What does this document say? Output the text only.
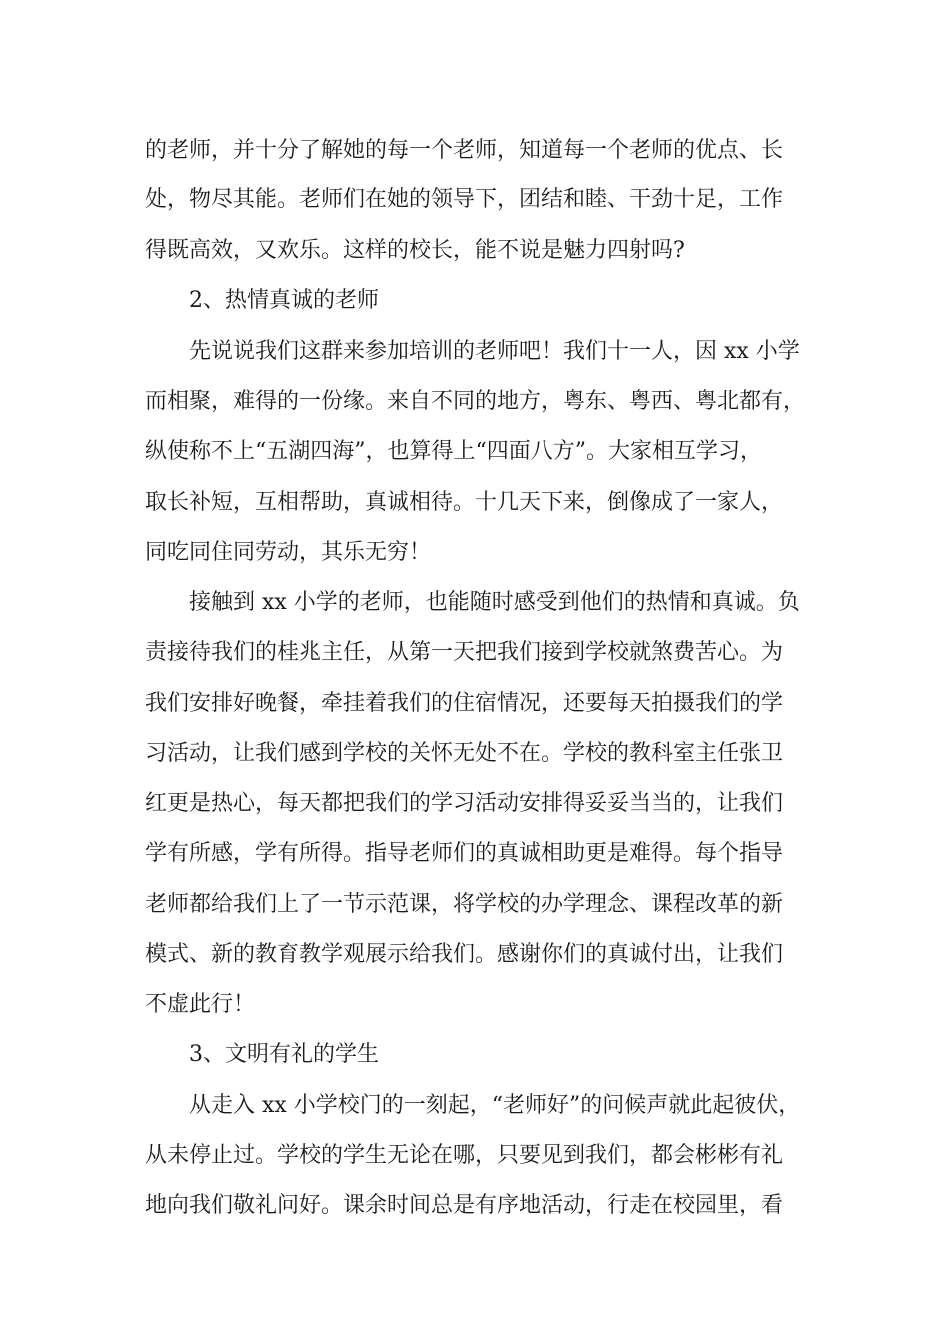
的老师，并十分了解她的每一个老师，知道每一个老师的优点、长

处，物尽其能。老师们在她的领导下，团结和睦、干劲十足，工作

得既高效，又欢乐。这样的校长，能不说是魅力四射吗?

2、热情真诚的老师

先说说我们这群来参加培训的老师吧！我们十一人，因 xx 小学

而相聚，难得的一份缘。来自不同的地方，粤东、粤西、粤北都有，

纵使称不上“五湖四海”，也算得上“四面八方”。大家相互学习，

取长补短，互相帮助，真诚相待。十几天下来，倒像成了一家人，

同吃同住同劳动，其乐无穷！

接触到 xx 小学的老师，也能随时感受到他们的热情和真诚。负

责接待我们的桂兆主任，从第一天把我们接到学校就煞费苦心。为

我们安排好晚餐，牵挂着我们的住宿情况，还要每天拍摄我们的学

习活动，让我们感到学校的关怀无处不在。学校的教科室主任张卫

红更是热心，每天都把我们的学习活动安排得妥妥当当的，让我们

学有所感，学有所得。指导老师们的真诚相助更是难得。每个指导

老师都给我们上了一节示范课，将学校的办学理念、课程改革的新

模式、新的教育教学观展示给我们。感谢你们的真诚付出，让我们

不虚此行！

3、文明有礼的学生

从走入 xx 小学校门的一刻起，“老师好”的问候声就此起彼伏，

从未停止过。学校的学生无论在哪，只要见到我们，都会彬彬有礼

地向我们敬礼问好。课余时间总是有序地活动，行走在校园里，看
